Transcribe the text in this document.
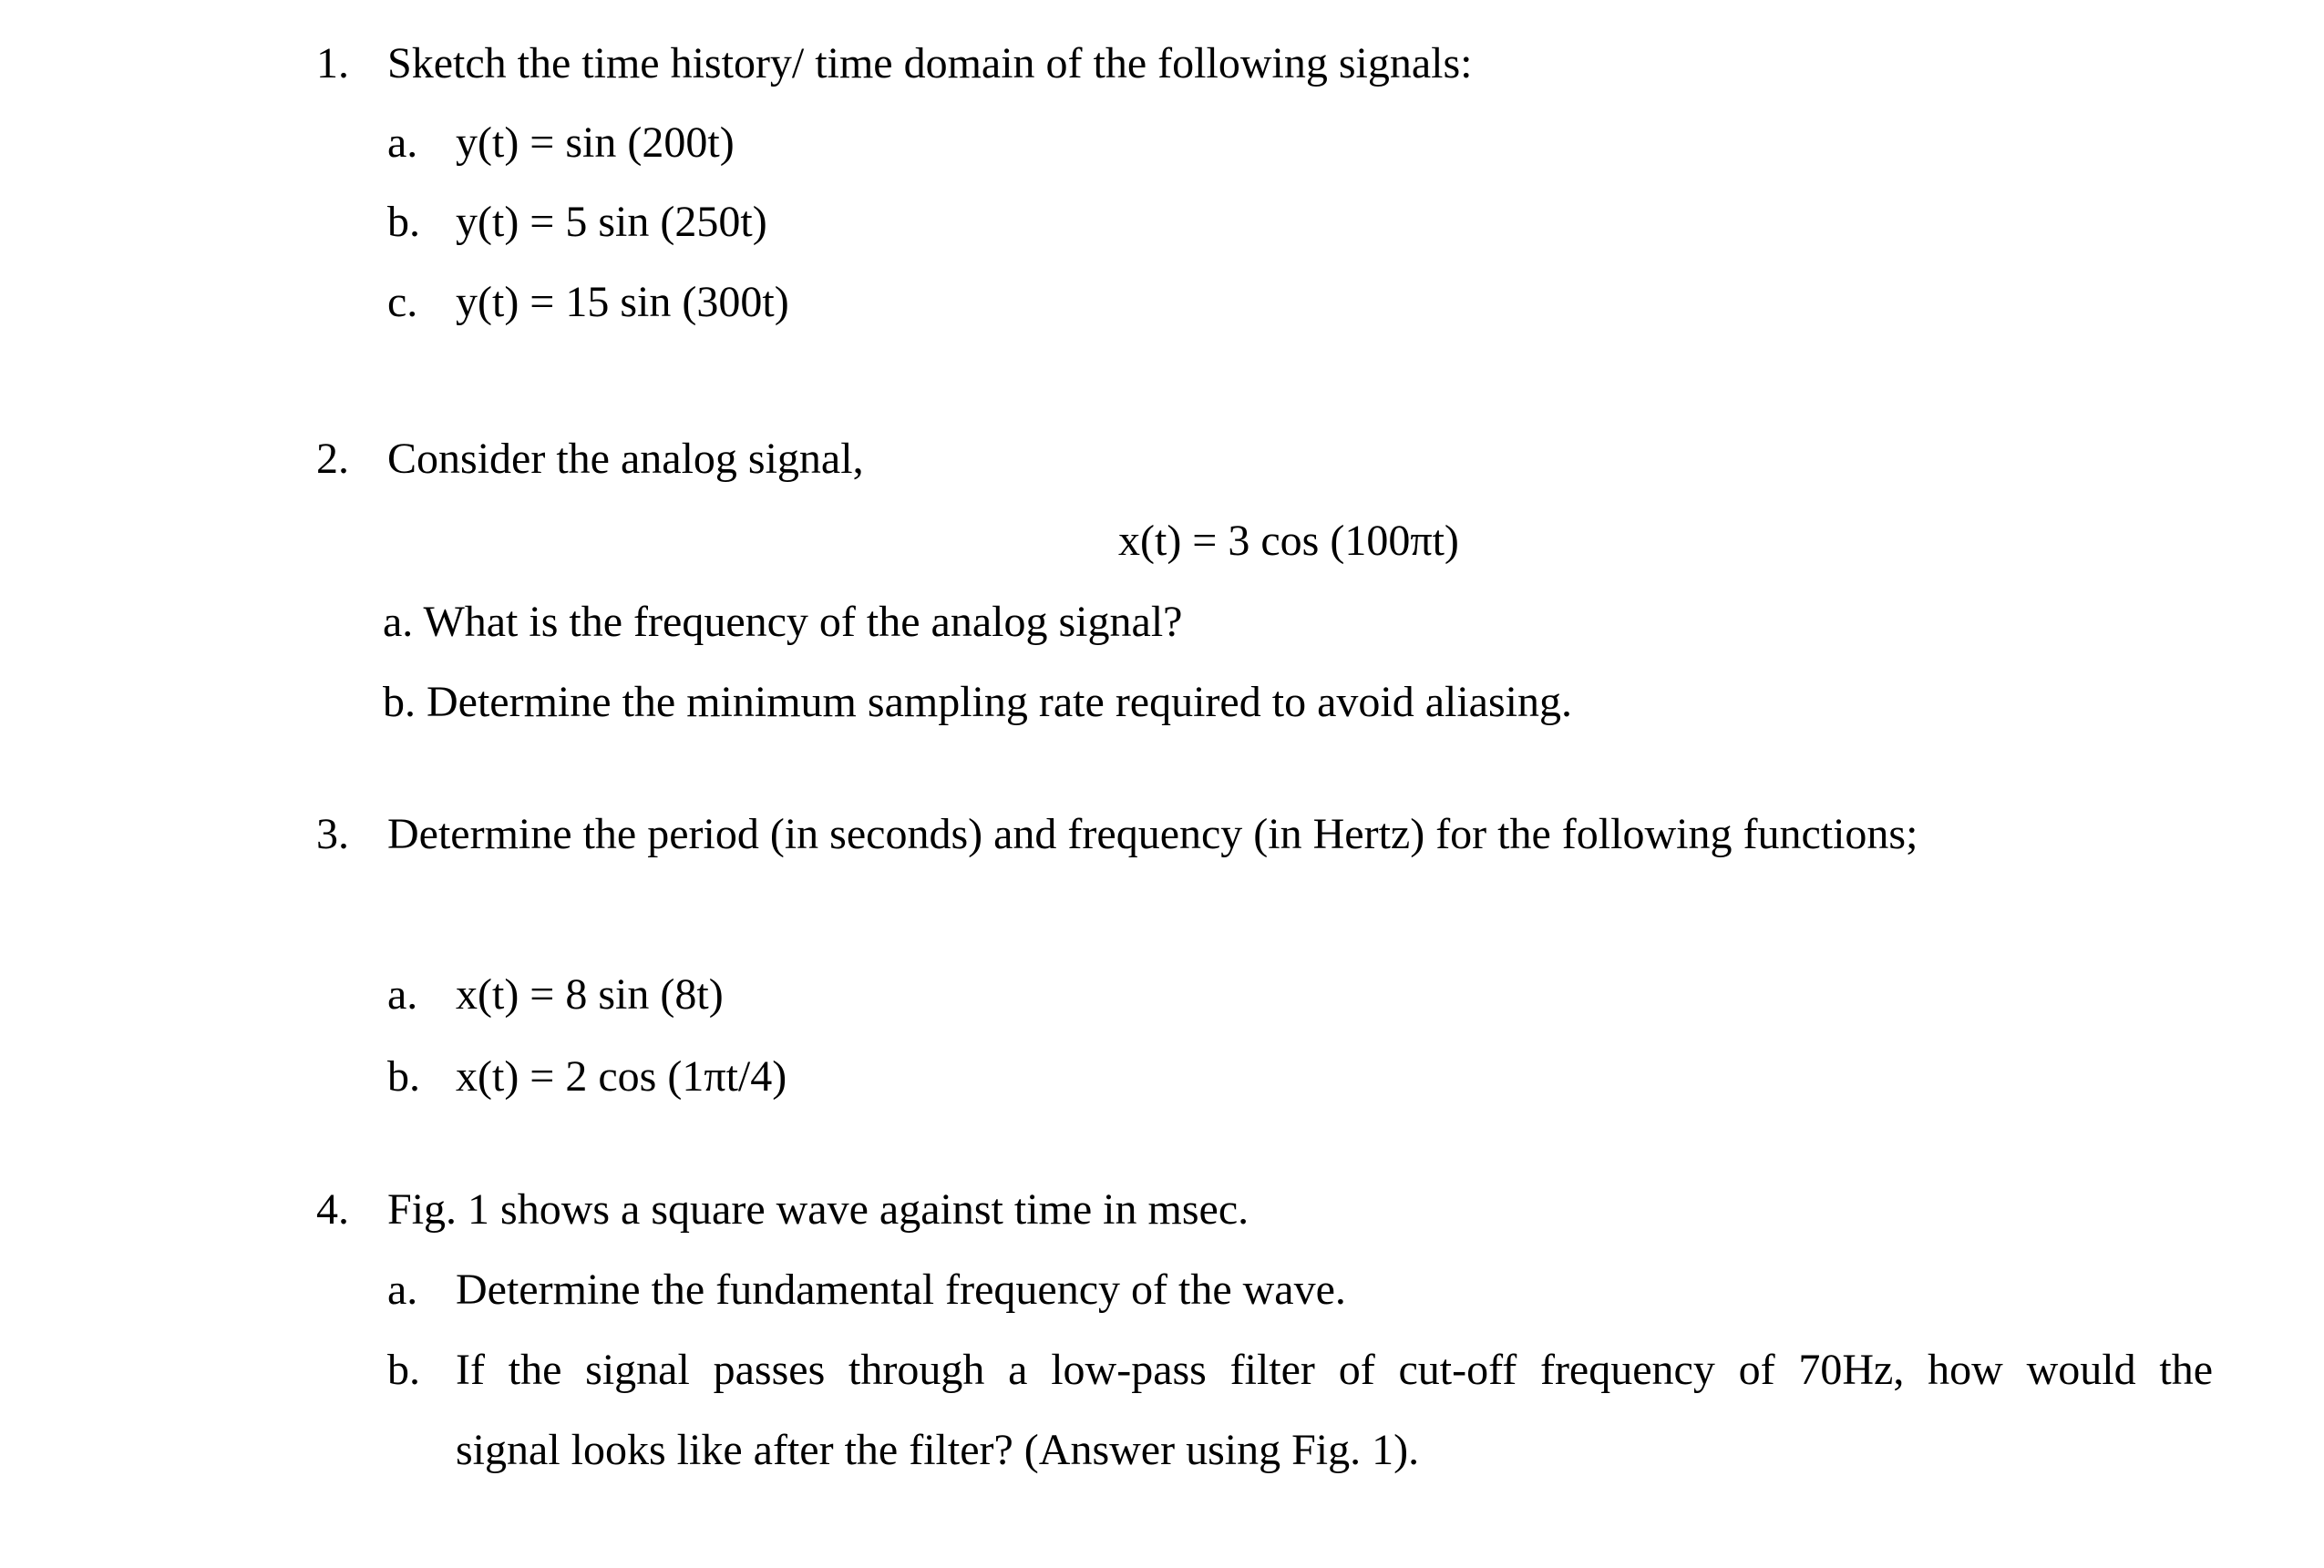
1. Sketch the time history/ time domain of the following signals:
a. y(t) = sin (200t)
b. y(t) = 5 sin (250t)
c. y(t) = 15 sin (300t)
2. Consider the analog signal,
x(t) = 3 cos (100πt)
a. What is the frequency of the analog signal?
b. Determine the minimum sampling rate required to avoid aliasing.
3. Determine the period (in seconds) and frequency (in Hertz) for the following functions;
a. x(t) = 8 sin (8t)
b. x(t) = 2 cos (1πt/4)
4. Fig. 1 shows a square wave against time in msec.
a. Determine the fundamental frequency of the wave.
b. If the signal passes through a low-pass filter of cut-off frequency of 70Hz, how would the
signal looks like after the filter? (Answer using Fig. 1).
